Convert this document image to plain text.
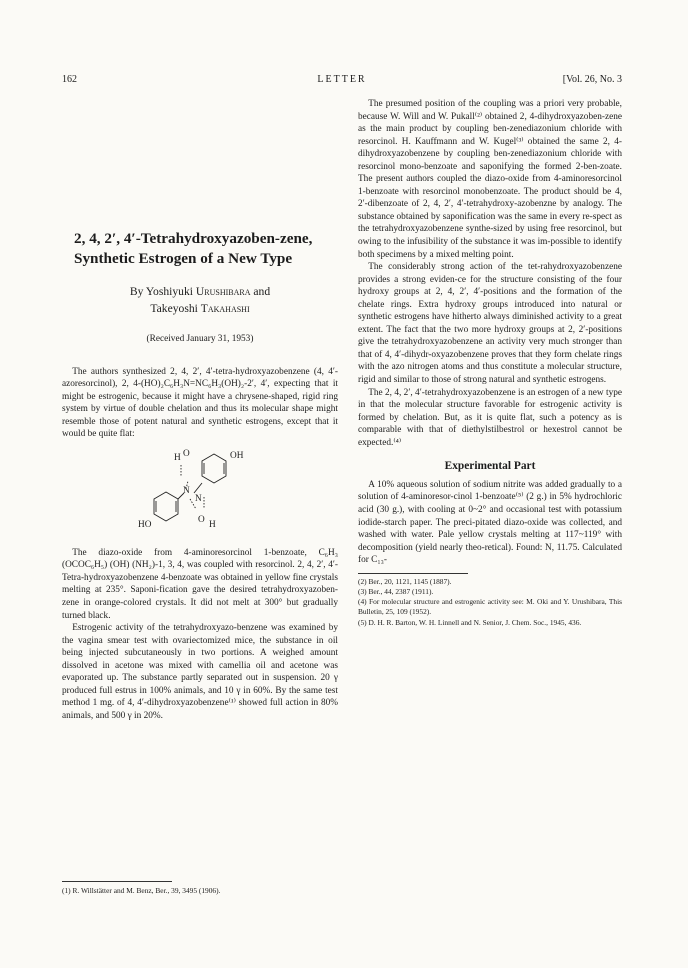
162	LETTER	[Vol. 26, No. 3
2, 4, 2′, 4′-Tetrahydroxyazoben-zene, Synthetic Estrogen of a New Type
By Yoshiyuki Urushibara and
Takeyoshi Takahashi
(Received January 31, 1953)

The authors synthesized 2, 4, 2′, 4′-tetra-hydroxyazobenzene (4, 4′-azoresorcinol), 2, 4-(HO)₂C₆H₃N=NC₆H₃(OH)₂-2′, 4′, expecting that it might be estrogenic, because it might have a chrysene-shaped, rigid ring system by virtue of double chelation and thus its molecular shape might resemble those of potent natural and synthetic estrogens, except that it would be quite flat:

H O	OH
N
N
HO	O H

The diazo-oxide from 4-aminoresorcinol 1-benzoate, C₆H₃ (OCOC₆H₅) (OH) (NH₂)-1, 3, 4, was coupled with resorcinol. 2, 4, 2′, 4′-Tetra-hydroxyazobenzene 4-benzoate was obtained in yellow fine crystals melting at 235°. Saponi-fication gave the desired tetrahydroxyazoben-zene in orange-colored crystals. It did not melt at 300° but gradually turned black.

Estrogenic activity of the tetrahydroxyazo-benzene was examined by the vagina smear test with ovariectomized mice, the substance in oil being injected subcutaneously in two portions. A weighed amount dissolved in acetone was mixed with camellia oil and acetone was evaporated up. The substance partly separated out in suspension. 20 γ produced full estrus in 100% animals, and 10 γ in 60%. By the same test method 1 mg. of 4, 4′-dihydroxyazobenzene⁽¹⁾ showed full action in 80% animals, and 500 γ in 20%.

(1) R. Willstätter and M. Benz, Ber., 39, 3495 (1906).

The presumed position of the coupling was a priori very probable, because W. Will and W. Pukall⁽²⁾ obtained 2, 4-dihydroxyazoben-zene as the main product by coupling ben-zenediazonium chloride with resorcinol. H. Kauffmann and W. Kugel⁽³⁾ obtained the same 2, 4-dihydroxyazobenzene by coupling ben-zenediazonium chloride with resorcinol mono-benzoate and saponifying the formed 2-ben-zoate. The present authors coupled the diazo-oxide from 4-aminoresorcinol 1-benzoate with resorcinol monobenzoate. The product should be 4, 2′-dibenzoate of 2, 4, 2′, 4′-tetrahydroxy-azobenzne by analogy. The substance obtained by saponification was the same in every re-spect as the tetrahydroxyazobenzene synthe-sized by using free resorcinol, but owing to the infusibility of the substance it was im-possible to identify both specimens by a mixed melting point.

The considerably strong action of the tet-rahydroxyazobenzene provides a strong eviden-ce for the structure consisting of the four hydroxy groups at 2, 4, 2′, 4′-positions and the formation of the chelate rings. Extra hydroxy groups introduced into natural or synthetic estrogens have hitherto always diminished activity to a great extent. The fact that the two more hydroxy groups at 2, 2′-positions give the tetrahydroxyazobenzene an activity very much stronger than that of 4, 4′-dihydr-oxyazobenzene proves that they form chelate rings with the azo nitrogen atoms and thus constitute a molecular structure, rigid and similar to those of strong natural and synthetic estrogens.

The 2, 4, 2′, 4′-tetrahydroxyazobenzene is an estrogen of a new type in that the molecular structure favorable for estrogenic activity is formed by chelation. But, as it is quite flat, such a potency as is comparable with that of diethylstilbestrol or hexestrol cannot be expected.⁽⁴⁾

Experimental Part

A 10% aqueous solution of sodium nitrite was added gradually to a solution of 4-aminoresor-cinol 1-benzoate⁽⁵⁾ (2 g.) in 5% hydrochloric acid (30 g.), with cooling at 0~2° and occasional test with potassium iodide-starch paper. The preci-pitated diazo-oxide was collected, and washed with water. Pale yellow crystals melting at 117~119° with decomposition (yield nearly theo-retical). Found: N, 11.75. Calculated for C₁₃-

(2) Ber., 20, 1121, 1145 (1887).

(3) Ber., 44, 2387 (1911).

(4) For molecular structure and estrogenic activity see: M. Oki and Y. Urushibara, This Bulletin, 25, 109 (1952).

(5) D. H. R. Barton, W. H. Linnell and N. Senior, J. Chem. Soc., 1945, 436.
